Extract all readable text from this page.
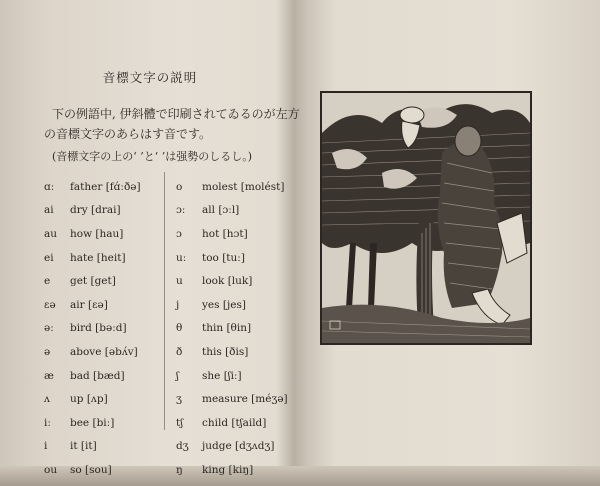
音標文字の説明
下の例語中, 伊斜體で印刷されてゐるのが左方
の音標文字のあらはす音です。
(音標文字の上の‘ ’と‘ ’は强勢のしるし。)
ɑː	father [fɑ́ːðə]
ai	dry [drai]
au	how [hau]
ei	hate [heit]
e	get [get]
ɛə	air [ɛə]
əː	bird [bəːd]
ə	above [əbʌ́v]
æ	bad [bæd]
ʌ	up [ʌp]
iː	bee [biː]
i	it [it]
ou	so [sou]
o	molest [molést]
ɔː	all [ɔːl]
ɔ	hot [hɔt]
uː	too [tuː]
u	look [luk]
j	yes [jes]
θ	thin [θin]
ð	this [ðis]
ʃ	she [ʃiː]
ʒ	measure [méʒə]
tʃ	child [tʃaild]
dʒ	judge [dʒʌdʒ]
ŋ	king [kiŋ]
